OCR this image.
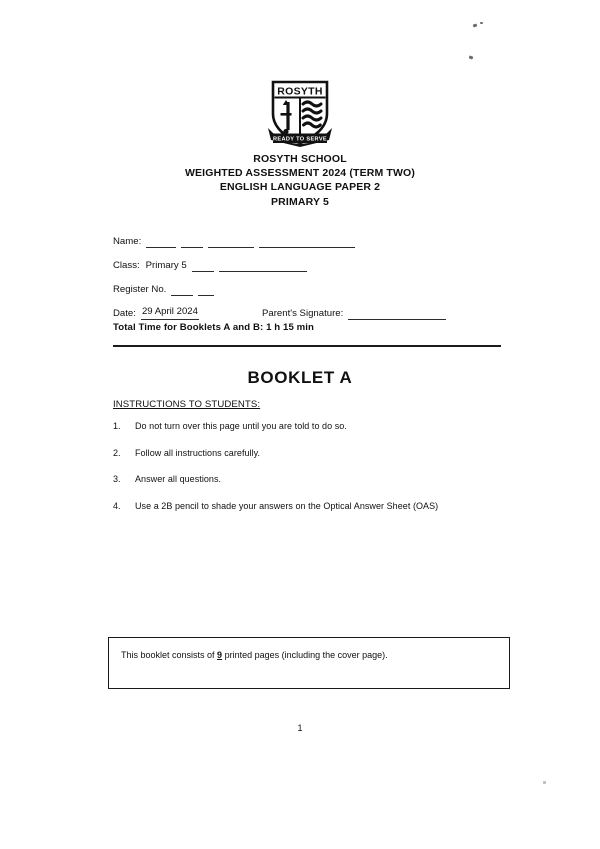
ROSYTH
READY TO SERVE
ROSYTH SCHOOL
WEIGHTED ASSESSMENT 2024 (TERM TWO)
ENGLISH LANGUAGE PAPER 2
PRIMARY 5
Name:
Class: Primary 5
Register No.
Date: 29 April 2024	Parent's Signature:
Total Time for Booklets A and B: 1 h 15 min
BOOKLET A
INSTRUCTIONS TO STUDENTS:
1.	Do not turn over this page until you are told to do so.
2.	Follow all instructions carefully.
3.	Answer all questions.
4.	Use a 2B pencil to shade your answers on the Optical Answer Sheet (OAS)
This booklet consists of 9 printed pages (including the cover page).
1
